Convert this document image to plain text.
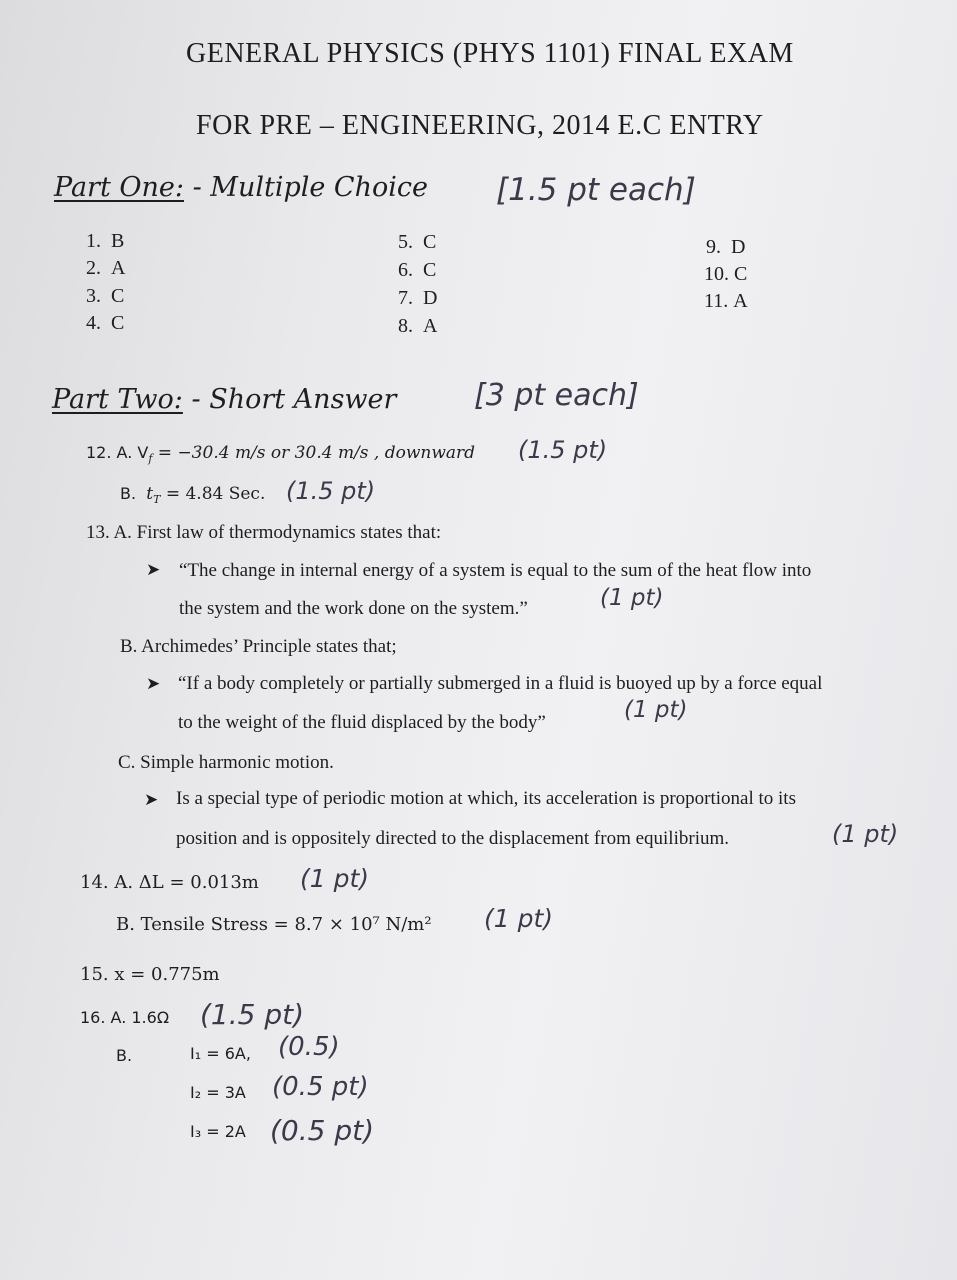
GENERAL PHYSICS (PHYS 1101) FINAL EXAM
FOR PRE – ENGINEERING, 2014 E.C ENTRY
Part One: - Multiple Choice [1.5 pt each]
1. B
2. A
3. C
4. C
5. C
6. C
7. D
8. A
9. D
10. C
11. A
Part Two: - Short Answer	[3 pt each]
12. A. $V_f = -30.4$ m/s or 30.4 m/s , downward (1.5 pt)
B. $t_T = 4.84$ Sec. (1.5 pt)
13. A. First law of thermodynamics states that:
➤ “The change in internal energy of a system is equal to the sum of the heat flow into
the system and the work done on the system.”	(1 pt)
B. Archimedes’ Principle states that;
➤ “If a body completely or partially submerged in a fluid is buoyed up by a force equal
to the weight of the fluid displaced by the body”	(1 pt)
C. Simple harmonic motion.
➤ Is a special type of periodic motion at which, its acceleration is proportional to its
position and is oppositely directed to the displacement from equilibrium.	(1 pt)
14. A. ΔL = 0.013m (1 pt)
B. Tensile Stress = 8.7 × 10⁷ N/m² (1 pt)
15. x = 0.775m
16. A. 1.6Ω (1.5 pt)
B.	I₁ = 6A, (0.5)
I₂ = 3A (0.5 pt)
I₃ = 2A (0.5 pt)
